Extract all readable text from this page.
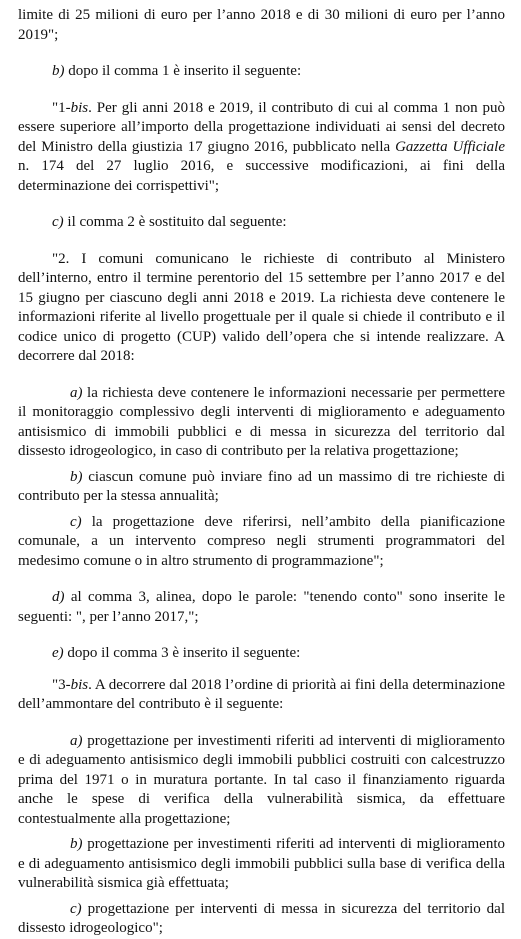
limite di 25 milioni di euro per l’anno 2018 e di 30 milioni di euro per l’anno 2019";

b) dopo il comma 1 è inserito il seguente:

"1-bis. Per gli anni 2018 e 2019, il contributo di cui al comma 1 non può essere superiore all’importo della progettazione individuati ai sensi del decreto del Ministro della giustizia 17 giugno 2016, pubblicato nella Gazzetta Ufficiale n. 174 del 27 luglio 2016, e successive modificazioni, ai fini della determinazione dei corrispettivi";

c) il comma 2 è sostituito dal seguente:

"2. I comuni comunicano le richieste di contributo al Ministero dell’interno, entro il termine perentorio del 15 settembre per l’anno 2017 e del 15 giugno per ciascuno degli anni 2018 e 2019. La richiesta deve contenere le informazioni riferite al livello progettuale per il quale si chiede il contributo e il codice unico di progetto (CUP) valido dell’opera che si intende realizzare. A decorrere dal 2018:

a) la richiesta deve contenere le informazioni necessarie per permettere il monitoraggio complessivo degli interventi di miglioramento e adeguamento antisismico di immobili pubblici e di messa in sicurezza del territorio dal dissesto idrogeologico, in caso di contributo per la relativa progettazione;

b) ciascun comune può inviare fino ad un massimo di tre richieste di contributo per la stessa annualità;

c) la progettazione deve riferirsi, nell’ambito della pianificazione comunale, a un intervento compreso negli strumenti programmatori del medesimo comune o in altro strumento di programmazione";

d) al comma 3, alinea, dopo le parole: "tenendo conto" sono inserite le seguenti: ", per l’anno 2017,";

e) dopo il comma 3 è inserito il seguente:

"3-bis. A decorrere dal 2018 l’ordine di priorità ai fini della determinazione dell’ammontare del contributo è il seguente:

a) progettazione per investimenti riferiti ad interventi di miglioramento e di adeguamento antisismico degli immobili pubblici costruiti con calcestruzzo prima del 1971 o in muratura portante. In tal caso il finanziamento riguarda anche le spese di verifica della vulnerabilità sismica, da effettuare contestualmente alla progettazione;

b) progettazione per investimenti riferiti ad interventi di miglioramento e di adeguamento antisismico degli immobili pubblici sulla base di verifica della vulnerabilità sismica già effettuata;

c) progettazione per interventi di messa in sicurezza del territorio dal dissesto idrogeologico";
